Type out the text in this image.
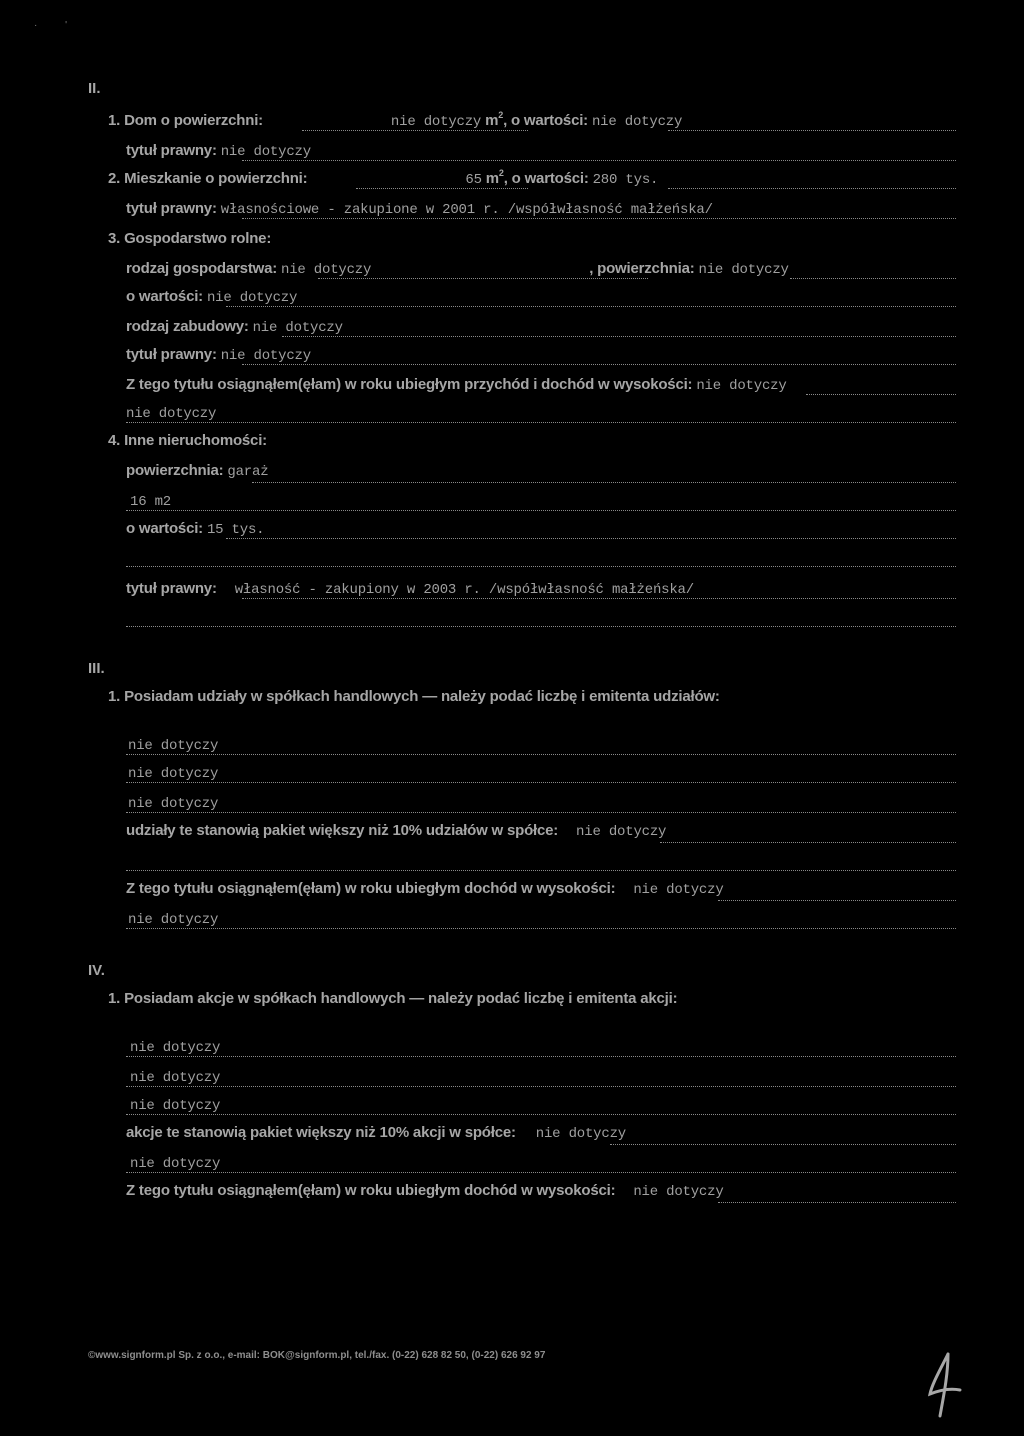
·          '
II.
1. Dom o powierzchni:	nie dotyczy $m^2$, o wartości: nie dotyczy
tytuł prawny: nie dotyczy
2. Mieszkanie o powierzchni:	65 $m^2$, o wartości: 280 tys.
tytuł prawny: własnościowe - zakupione w 2001 r. /współwłasność małżeńska/
3. Gospodarstwo rolne:
rodzaj gospodarstwa: nie dotyczy	, powierzchnia: nie dotyczy
o wartości: nie dotyczy
rodzaj zabudowy: nie dotyczy
tytuł prawny: nie dotyczy
Z tego tytułu osiągnąłem(ęłam) w roku ubiegłym przychód i dochód w wysokości: nie dotyczy
nie dotyczy
4. Inne nieruchomości:
powierzchnia: garaż
16 m2
o wartości: 15 tys.
tytuł prawny: własność - zakupiony w 2003 r. /współwłasność małżeńska/
III.
1. Posiadam udziały w spółkach handlowych — należy podać liczbę i emitenta udziałów:
nie dotyczy
nie dotyczy
nie dotyczy
udziały te stanowią pakiet większy niż 10% udziałów w spółce: nie dotyczy
Z tego tytułu osiągnąłem(ęłam) w roku ubiegłym dochód w wysokości: nie dotyczy
nie dotyczy
IV.
1. Posiadam akcje w spółkach handlowych — należy podać liczbę i emitenta akcji:
nie dotyczy
nie dotyczy
nie dotyczy
akcje te stanowią pakiet większy niż 10% akcji w spółce: nie dotyczy
nie dotyczy
Z tego tytułu osiągnąłem(ęłam) w roku ubiegłym dochód w wysokości: nie dotyczy
©www.signform.pl Sp. z o.o., e-mail: BOK@signform.pl, tel./fax. (0-22) 628 82 50, (0-22) 626 92 97
